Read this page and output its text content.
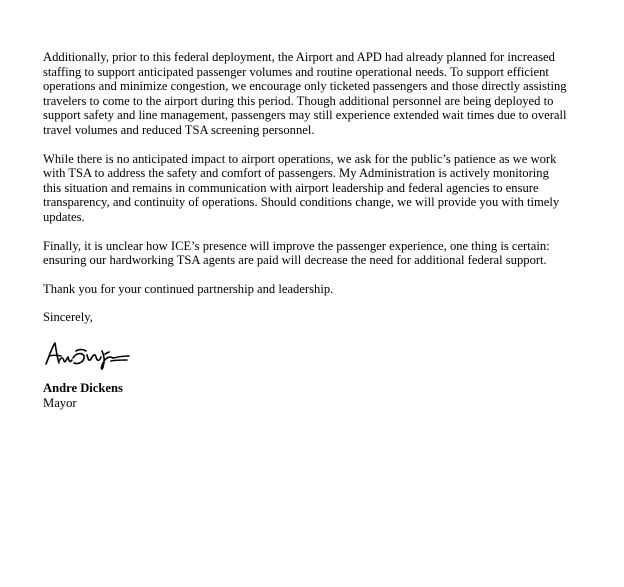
Additionally, prior to this federal deployment, the Airport and APD had already planned for increased
staffing to support anticipated passenger volumes and routine operational needs. To support efficient
operations and minimize congestion, we encourage only ticketed passengers and those directly assisting
travelers to come to the airport during this period. Though additional personnel are being deployed to
support safety and line management, passengers may still experience extended wait times due to overall
travel volumes and reduced TSA screening personnel.

While there is no anticipated impact to airport operations, we ask for the public’s patience as we work
with TSA to address the safety and comfort of passengers. My Administration is actively monitoring
this situation and remains in communication with airport leadership and federal agencies to ensure
transparency, and continuity of operations. Should conditions change, we will provide you with timely
updates.

Finally, it is unclear how ICE’s presence will improve the passenger experience, one thing is certain:
ensuring our hardworking TSA agents are paid will decrease the need for additional federal support.

Thank you for your continued partnership and leadership.

Sincerely,

Andre Dickens

Mayor
